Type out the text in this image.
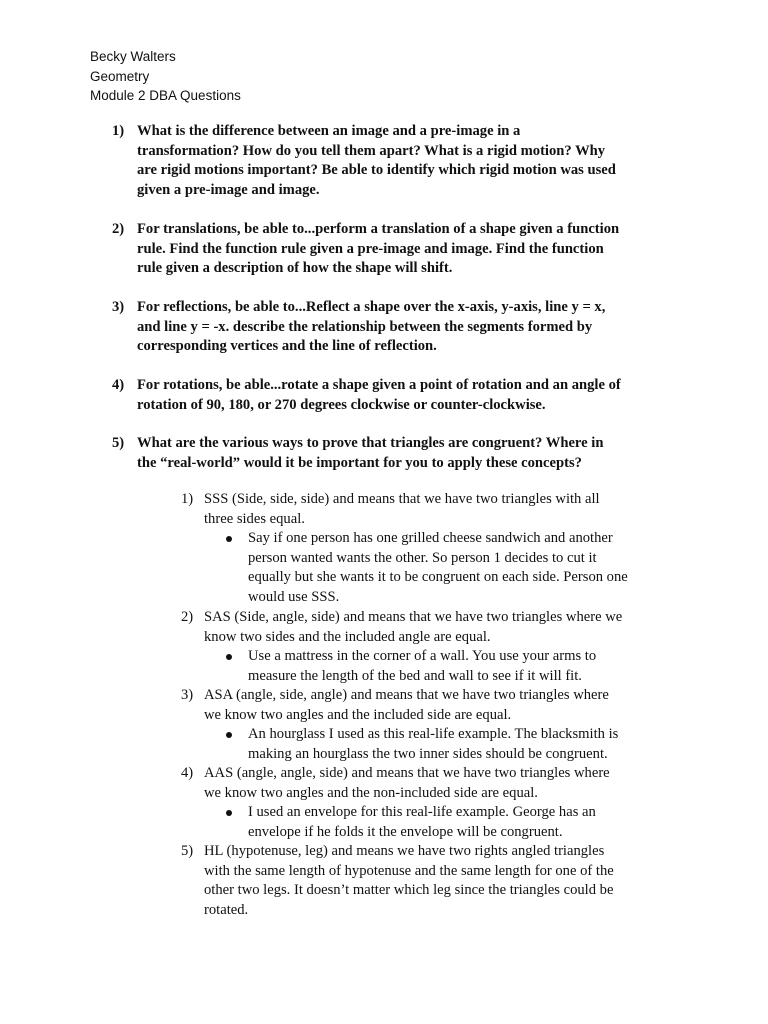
Becky Walters
Geometry
Module 2 DBA Questions
1) What is the difference between an image and a pre-image in a
transformation? How do you tell them apart? What is a rigid motion? Why
are rigid motions important? Be able to identify which rigid motion was used
given a pre-image and image.
2) For translations, be able to...perform a translation of a shape given a function
rule. Find the function rule given a pre-image and image. Find the function
rule given a description of how the shape will shift.
3) For reflections, be able to...Reflect a shape over the x-axis, y-axis, line y = x,
and line y = -x. describe the relationship between the segments formed by
corresponding vertices and the line of reflection.
4) For rotations, be able...rotate a shape given a point of rotation and an angle of
rotation of 90, 180, or 270 degrees clockwise or counter-clockwise.
5) What are the various ways to prove that triangles are congruent? Where in
the “real-world” would it be important for you to apply these concepts?
1) SSS (Side, side, side) and means that we have two triangles with all
three sides equal.
Say if one person has one grilled cheese sandwich and another
person wanted wants the other. So person 1 decides to cut it
equally but she wants it to be congruent on each side. Person one
would use SSS.
2) SAS (Side, angle, side) and means that we have two triangles where we
know two sides and the included angle are equal.
Use a mattress in the corner of a wall. You use your arms to
measure the length of the bed and wall to see if it will fit.
3) ASA (angle, side, angle) and means that we have two triangles where
we know two angles and the included side are equal.
An hourglass I used as this real-life example. The blacksmith is
making an hourglass the two inner sides should be congruent.
4) AAS (angle, angle, side) and means that we have two triangles where
we know two angles and the non-included side are equal.
I used an envelope for this real-life example. George has an
envelope if he folds it the envelope will be congruent.
5) HL (hypotenuse, leg) and means we have two rights angled triangles
with the same length of hypotenuse and the same length for one of the
other two legs. It doesn’t matter which leg since the triangles could be
rotated.
